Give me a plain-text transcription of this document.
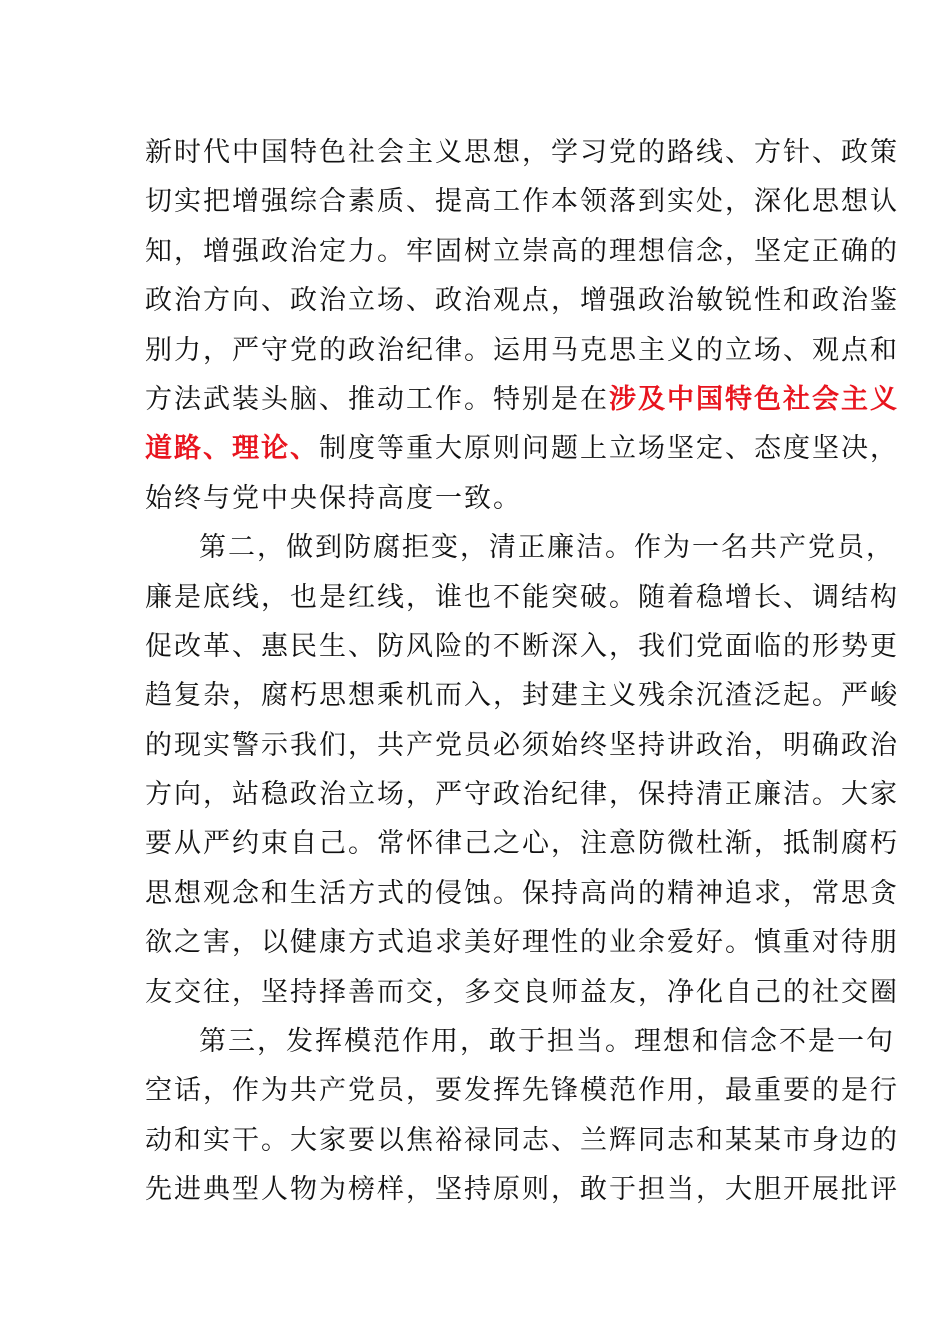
新时代中国特色社会主义思想，学习党的路线、方针、政策
切实把增强综合素质、提高工作本领落到实处，深化思想认
知，增强政治定力。牢固树立崇高的理想信念，坚定正确的
政治方向、政治立场、政治观点，增强政治敏锐性和政治鉴
别力，严守党的政治纪律。运用马克思主义的立场、观点和
方法武装头脑、推动工作。特别是在涉及中国特色社会主义
道路、理论、制度等重大原则问题上立场坚定、态度坚决，
始终与党中央保持高度一致。
第二，做到防腐拒变，清正廉洁。作为一名共产党员，
廉是底线，也是红线，谁也不能突破。随着稳增长、调结构
促改革、惠民生、防风险的不断深入，我们党面临的形势更
趋复杂，腐朽思想乘机而入，封建主义残余沉渣泛起。严峻
的现实警示我们，共产党员必须始终坚持讲政治，明确政治
方向，站稳政治立场，严守政治纪律，保持清正廉洁。大家
要从严约束自己。常怀律己之心，注意防微杜渐，抵制腐朽
思想观念和生活方式的侵蚀。保持高尚的精神追求，常思贪
欲之害，以健康方式追求美好理性的业余爱好。慎重对待朋
友交往，坚持择善而交，多交良师益友，净化自己的社交圈
第三，发挥模范作用，敢于担当。理想和信念不是一句
空话，作为共产党员，要发挥先锋模范作用，最重要的是行
动和实干。大家要以焦裕禄同志、兰辉同志和某某市身边的
先进典型人物为榜样，坚持原则，敢于担当，大胆开展批评
